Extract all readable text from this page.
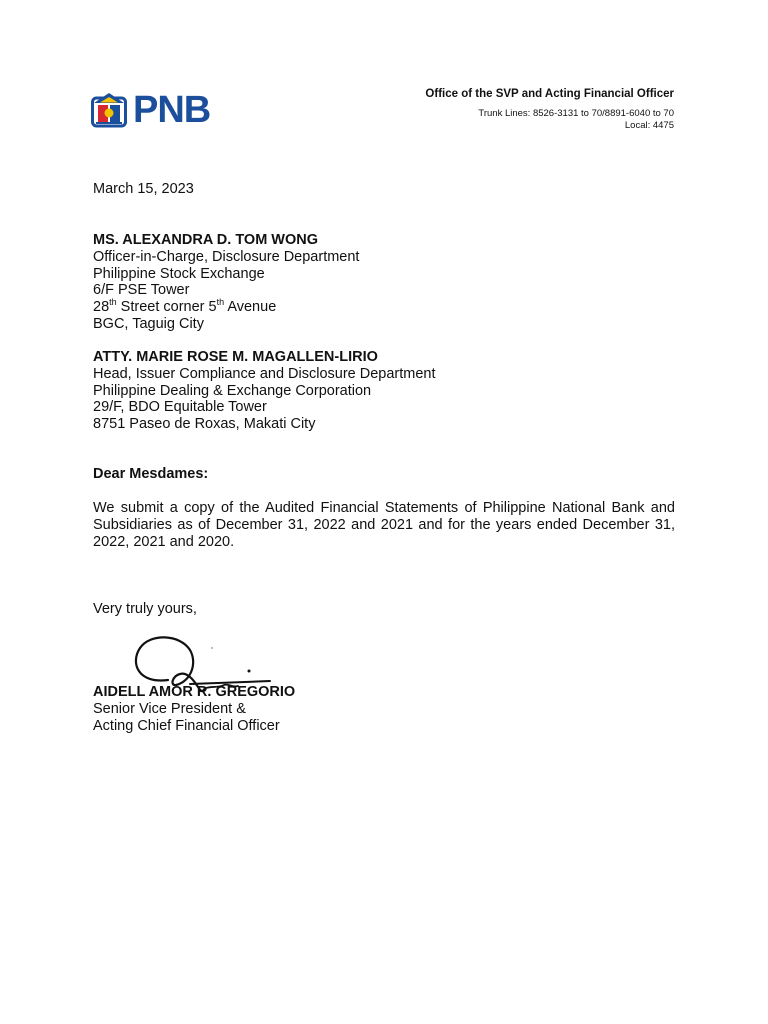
PNB	Office of the SVP and Acting Financial Officer
Trunk Lines: 8526-3131 to 70/8891-6040 to 70
Local: 4475
March 15, 2023
MS. ALEXANDRA D. TOM WONG
Officer-in-Charge, Disclosure Department
Philippine Stock Exchange
6/F PSE Tower
28th Street corner 5th Avenue
BGC, Taguig City
ATTY. MARIE ROSE M. MAGALLEN-LIRIO
Head, Issuer Compliance and Disclosure Department
Philippine Dealing & Exchange Corporation
29/F, BDO Equitable Tower
8751 Paseo de Roxas, Makati City
Dear Mesdames:
We submit a copy of the Audited Financial Statements of Philippine National Bank and Subsidiaries as of December 31, 2022 and 2021 and for the years ended December 31, 2022, 2021 and 2020.
Very truly yours,
AIDELL AMOR R. GREGORIO
Senior Vice President &
Acting Chief Financial Officer
